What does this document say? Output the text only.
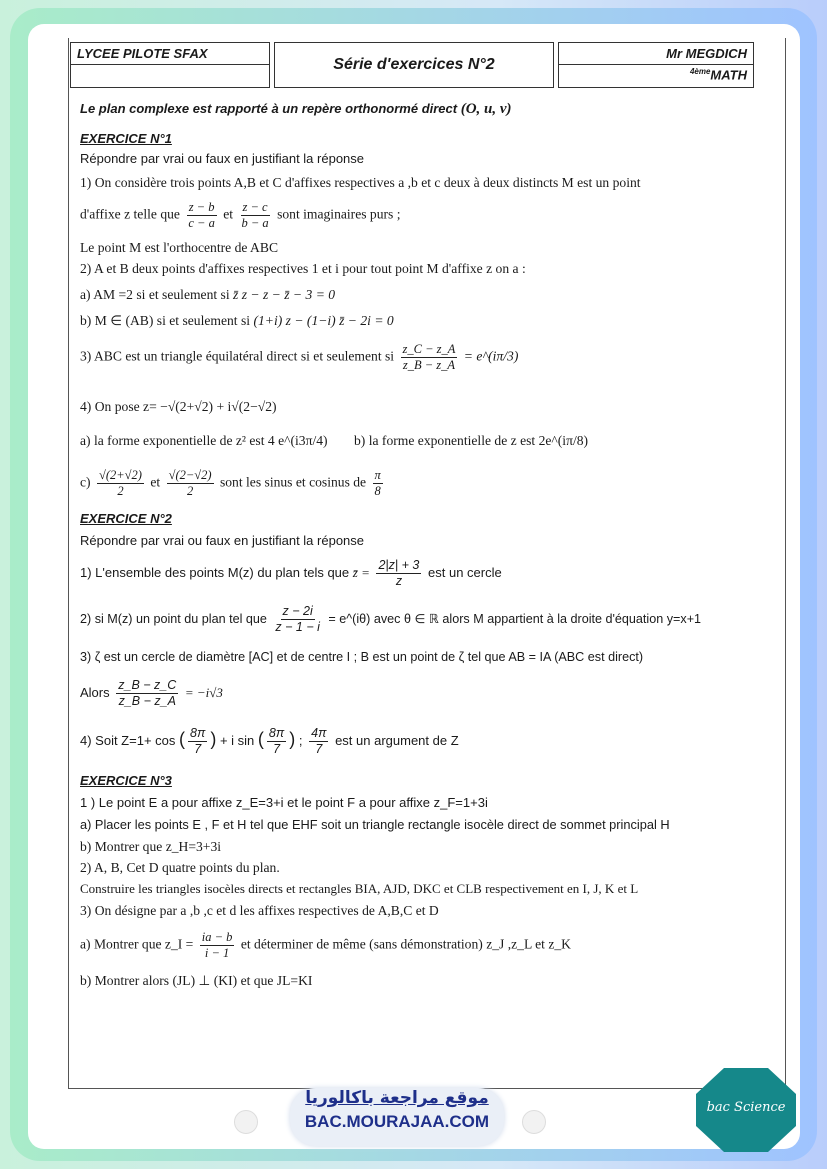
LYCEE PILOTE SFAX
Série d'exercices N°2
Mr MEGDICH
$^{4ème}$MATH
Le plan complexe est rapporté à un repère orthonormé direct (O, u, v)
EXERCICE N°1
Répondre par vrai ou faux en justifiant la réponse
1) On considère trois points A,B et C d'affixes respectives a ,b et c deux à deux distincts M est un point
d'affixe z telle que $\frac{z - b}{c - a}$ et $\frac{z - c}{b - a}$ sont imaginaires purs ;
Le point M est l'orthocentre de ABC
2) A et B deux points d'affixes respectives 1 et i pour tout point M d'affixe z on a :
a) AM =2 si et seulement si z̄ z − z − z̄ − 3 = 0
b) M ∈ (AB) si et seulement si (1+i) z − (1−i) z̄ − 2i = 0
3) ABC est un triangle équilatéral direct si et seulement si $\frac{z\_C - z\_A}{z\_B - z\_A}$ = e^(iπ/3)
4) On pose z= −√(2+√2) + i√(2−√2)
a) la forme exponentielle de z² est 4 e^(i3π/4) b) la forme exponentielle de z est 2e^(iπ/8)
$c) \frac{√(2+√2)}{2}$ et $\frac{√(2-√2)}{2}$ sont les sinus et cosinus de $\frac{\pi}{8}$
EXERCICE N°2
Répondre par vrai ou faux en justifiant la réponse
1) L'ensemble des points M(z) du plan tels que z̄ = $\frac{2|z| + 3}{z}$ est un cercle
2) si M(z) un point du plan tel que $\frac{z - 2i}{z - 1 - i}$ = e^(iθ) avec θ ∈ ℝ alors M appartient à la droite d'équation y=x+1
3) ζ est un cercle de diamètre [AC] et de centre I ; B est un point de ζ tel que AB = IA (ABC est direct)
Alors $\frac{z\_B - z\_C}{z\_B - z\_A} = -i√3$
4) Soit Z=1+ cos ( $\frac{8\pi}{7}$ ) + i sin ( $\frac{8\pi}{7}$ ) ; $\frac{4\pi}{7}$ est un argument de Z
EXERCICE N°3
1 ) Le point E a pour affixe z_E=3+i et le point F a pour affixe z_F=1+3i
a) Placer les points E , F et H tel que EHF soit un triangle rectangle isocèle direct de sommet principal H
b) Montrer que z_H=3+3i
2) A, B, Cet D quatre points du plan.
Construire les triangles isocèles directs et rectangles BIA, AJD, DKC et CLB respectivement en I, J, K et L
3) On désigne par a ,b ,c et d les affixes respectives de A,B,C et D
a) Montrer que z_I = $\frac{ia - b}{i - 1}$ et déterminer de même (sans démonstration) z_J ,z_L et z_K
b) Montrer alors (JL) ⊥ (KI) et que JL=KI
موقع مراجعة باكالوريا
BAC.MOURAJAA.COM
bac Science
